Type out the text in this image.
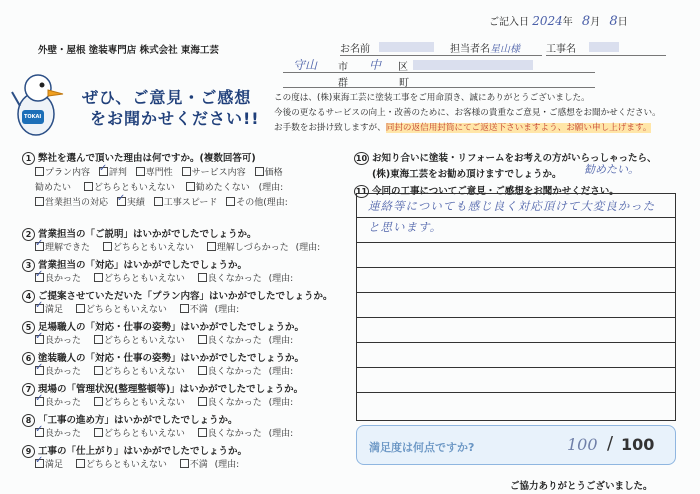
ご記入日 2024年 8月 8日
外壁・屋根 塗装専門店 株式会社 東海工芸	お名前	担当者名星山様	工事名
守山 市 中 区
群	町
TOKAI
ぜひ、ご意見・ご感想
をお聞かせください!!
この度は、(株)東海工芸に塗装工事をご用命頂き、誠にありがとうございました。
今後の更なるサービスの向上・改善のために、お客様の貴重なご意見・ご感想をお聞かせください。
お手数をお掛け致しますが、同封の返信用封筒にてご返送下さいますよう、お願い申し上げます。
1 弊社を選んで頂いた理由は何ですか。(複数回答可)
プラン内容 ✓ 評判 専門性 サービス内容 価格
勧めたい	どちらともいえない 勧めたくない (理由:
営業担当の対応 ✓ 実績 工事スピード その他(理由:
2 営業担当の「ご説明」はいかがでしたでしょうか。
✓理解できた	どちらともいえない	理解しづらかった (理由:
3 営業担当の「対応」はいかがでしたでしょうか。
✓良かった	どちらともいえない	良くなかった (理由:
4 ご提案させていただいた「プラン内容」はいかがでしたでしょうか。
✓満足	どちらともいえない	不満 (理由:
5 足場職人の「対応・仕事の姿勢」はいかがでしたでしょうか。
✓良かった	どちらともいえない	良くなかった (理由:
6 塗装職人の「対応・仕事の姿勢」はいかがでしたでしょうか。
✓良かった	どちらともいえない	良くなかった (理由:
7 現場の「管理状況(整理整頓等)」はいかがでしたでしょうか。
✓良かった	どちらともいえない	良くなかった (理由:
8 「工事の進め方」はいかがでしたでしょうか。
✓良かった	どちらともいえない	良くなかった (理由:
9 工事の「仕上がり」はいかがでしたでしょうか。
✓満足	どちらともいえない	不満 (理由:
10 お知り合いに塗装・リフォームをお考えの方がいらっしゃったら、
(株)東海工芸をお勧め頂けますでしょうか。 勧めたい。
11 今回の工事についてご意見・ご感想をお聞かせください。
連絡等についても感じ良く対応頂けて大変良かった
と思います。
満足度は何点ですか?	100 / 100
ご協力ありがとうございました。
